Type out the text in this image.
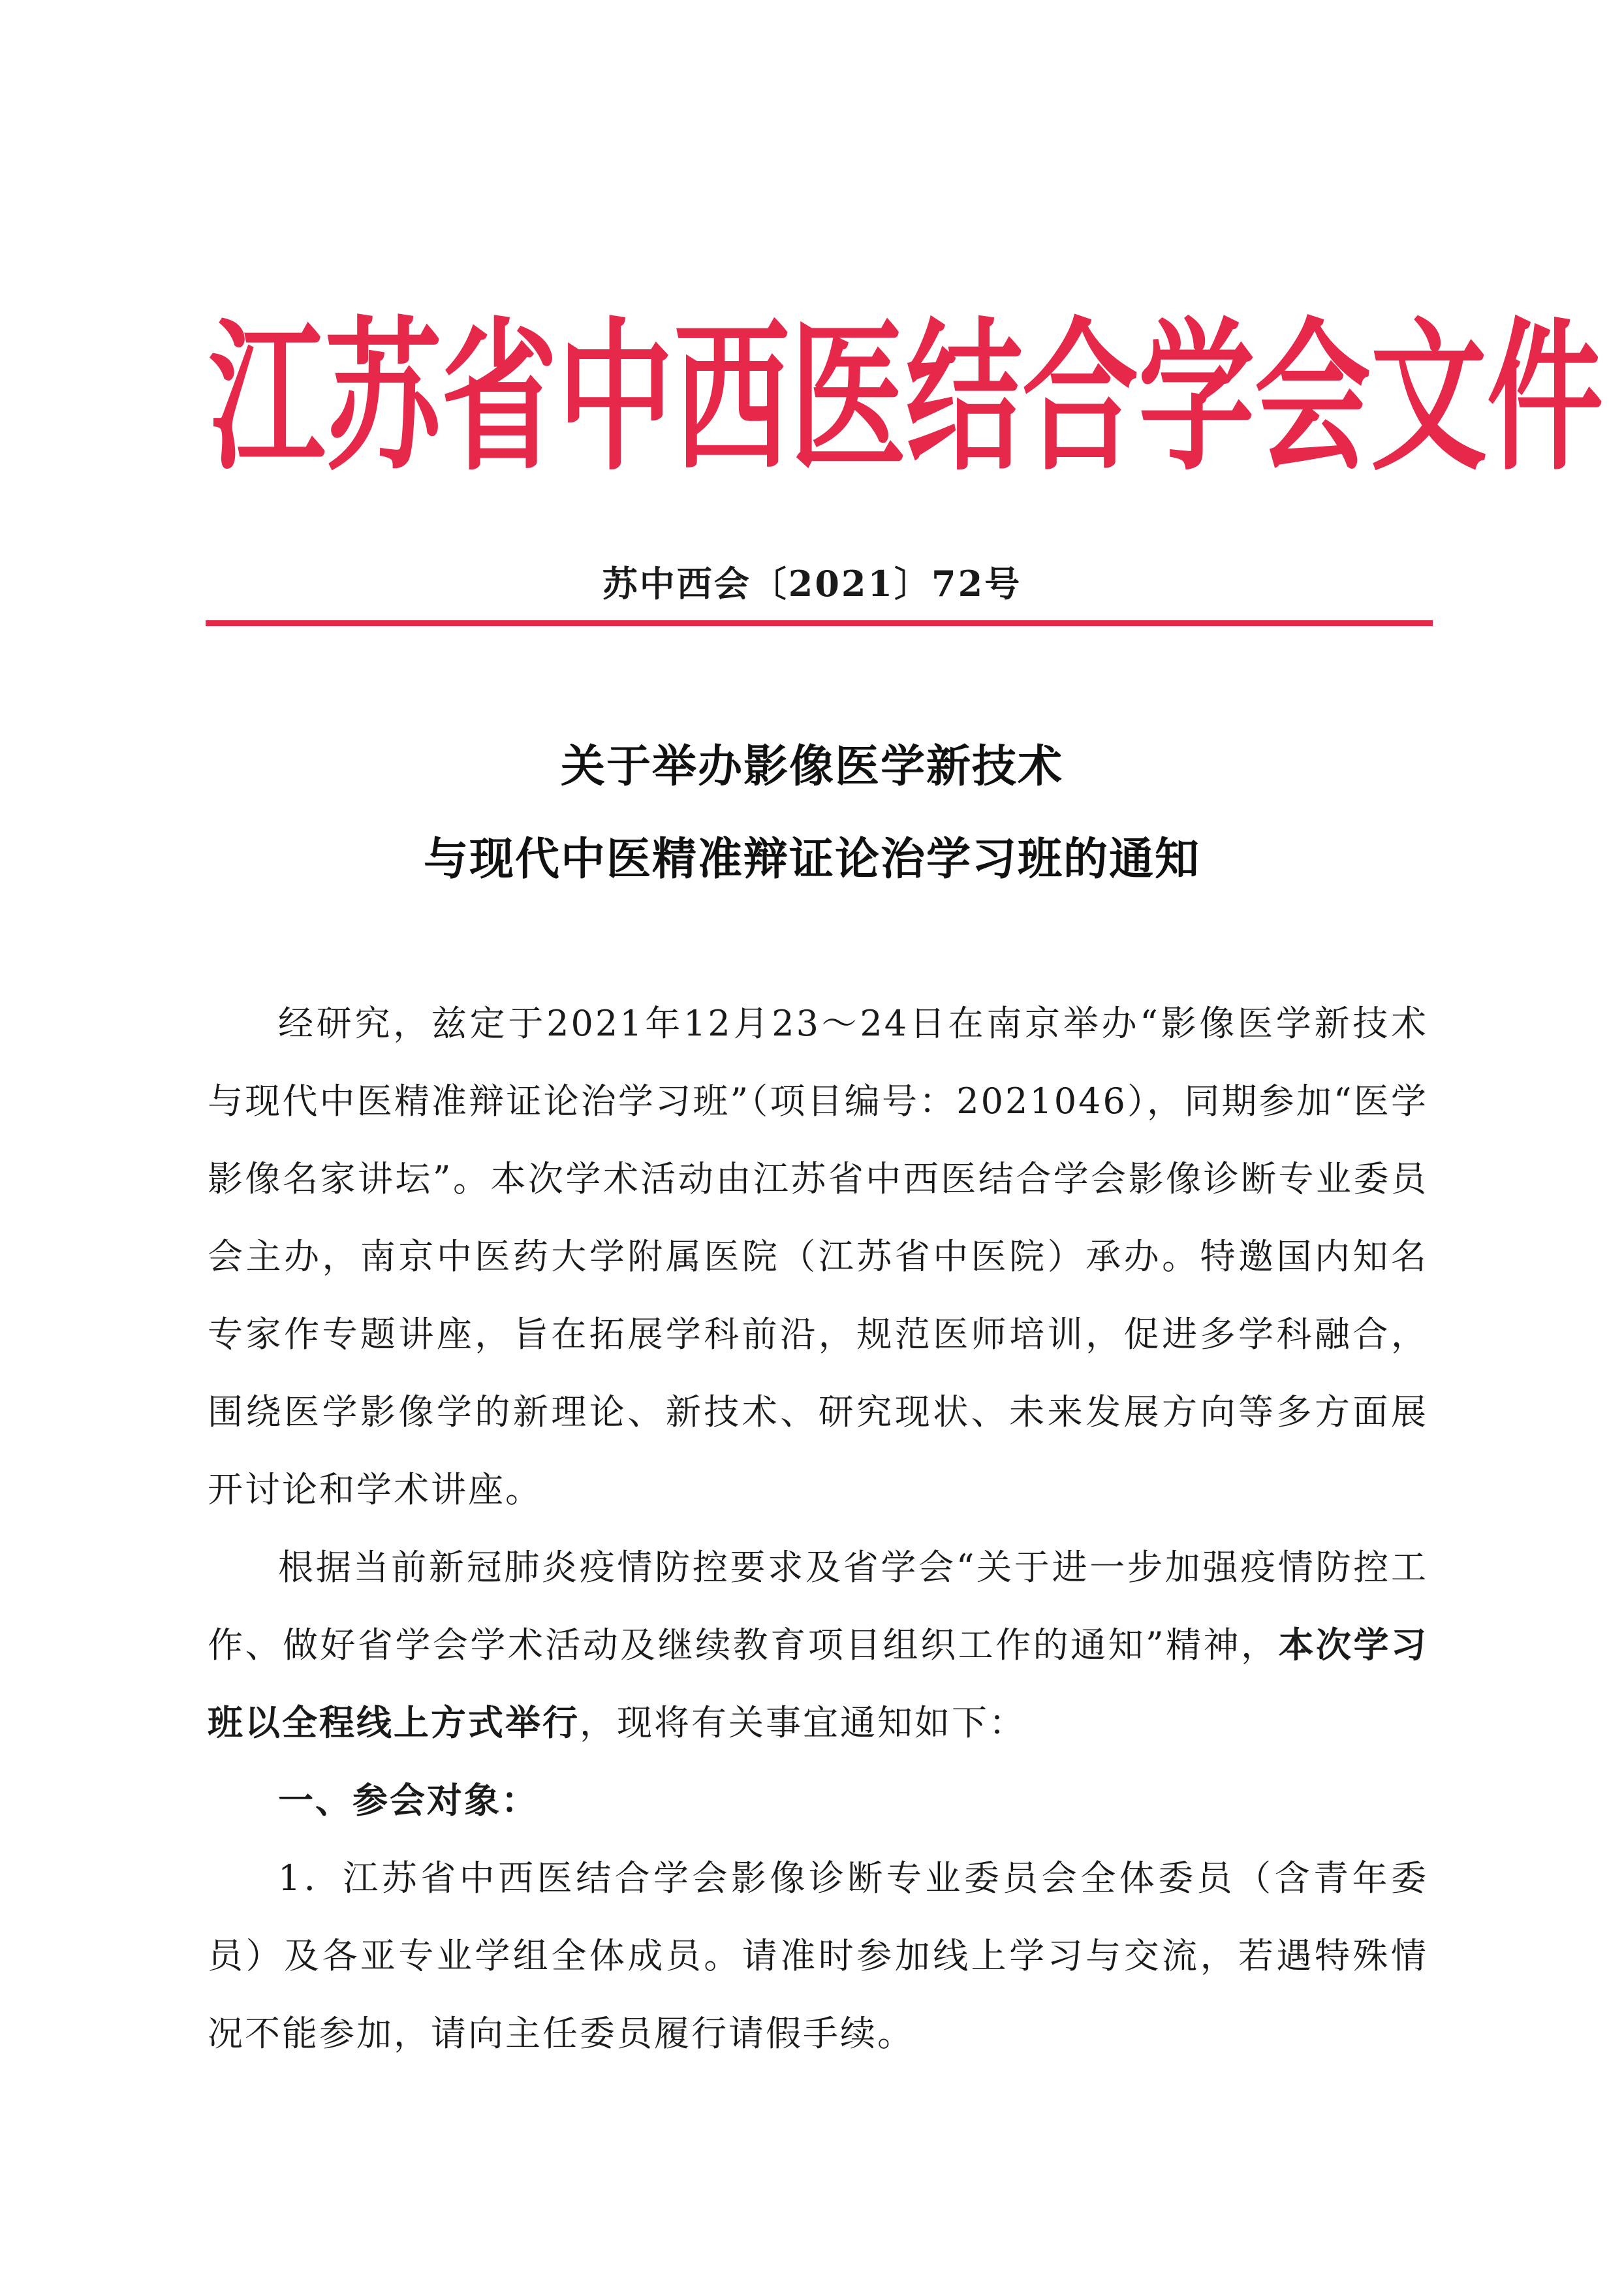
江 苏 省 中 西 医 结 合 学 会 文 件
苏中西会〔2021〕72号
关于举办影像医学新技术
与现代中医精准辩证论治学习班的通知

经研究，兹定于2021年12月23～24日在南京举办“影像医学新技术与现代中医精准辩证论治学习班”（项目编号：2021046），同期参加“医学影像名家讲坛”。本次学术活动由江苏省中西医结合学会影像诊断专业委员会主办，南京中医药大学附属医院（江苏省中医院）承办。特邀国内知名专家作专题讲座，旨在拓展学科前沿，规范医师培训，促进多学科融合，围绕医学影像学的新理论、新技术、研究现状、未来发展方向等多方面展开讨论和学术讲座。

根据当前新冠肺炎疫情防控要求及省学会“关于进一步加强疫情防控工作、做好省学会学术活动及继续教育项目组织工作的通知”精神，本次学习班以全程线上方式举行，现将有关事宜通知如下：

一、参会对象：

1．江苏省中西医结合学会影像诊断专业委员会全体委员（含青年委员）及各亚专业学组全体成员。请准时参加线上学习与交流，若遇特殊情况不能参加，请向主任委员履行请假手续。
